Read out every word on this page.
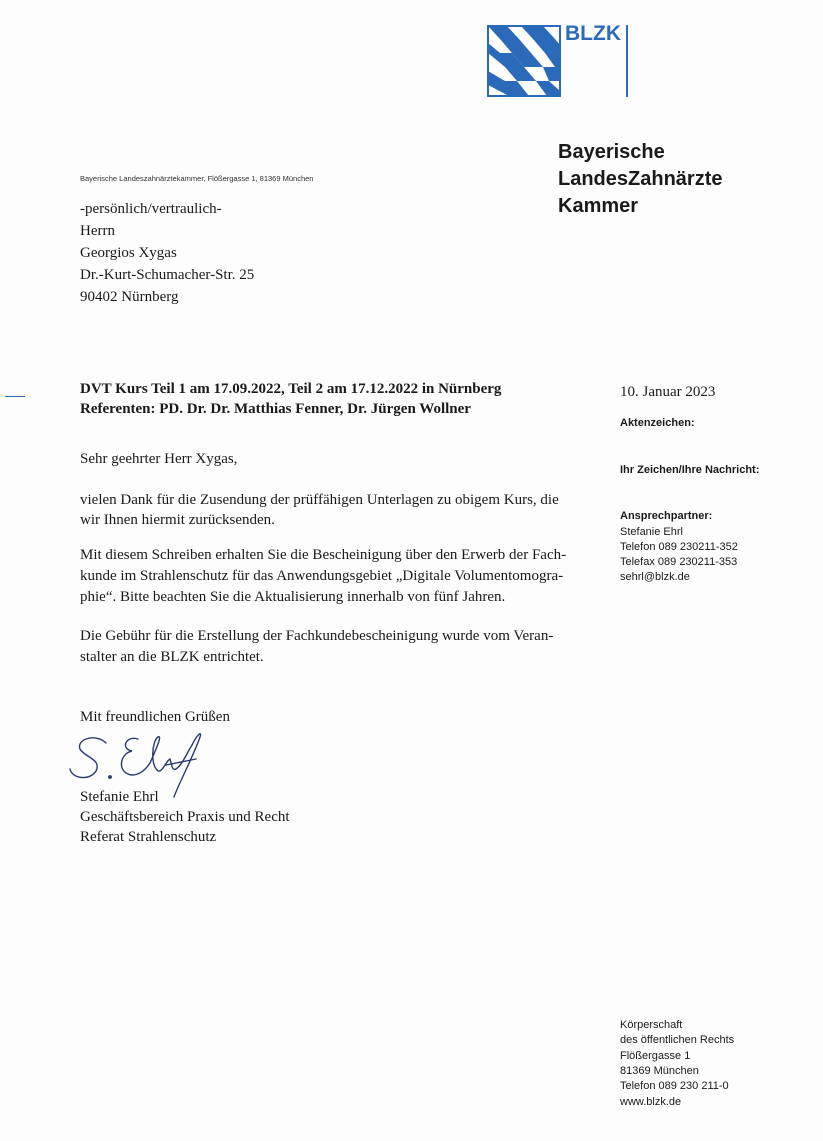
BLZK
Bayerische
LandesZahnärzte
Kammer
Bayerische Landeszahnärztekammer, Flößergasse 1, 81369 München
-persönlich/vertraulich-
Herrn
Georgios Xygas
Dr.-Kurt-Schumacher-Str. 25
90402 Nürnberg
DVT Kurs Teil 1 am 17.09.2022, Teil 2 am 17.12.2022 in Nürnberg
Referenten: PD. Dr. Dr. Matthias Fenner, Dr. Jürgen Wollner
Sehr geehrter Herr Xygas,
vielen Dank für die Zusendung der prüffähigen Unterlagen zu obigem Kurs, die
wir Ihnen hiermit zurücksenden.
Mit diesem Schreiben erhalten Sie die Bescheinigung über den Erwerb der Fach-
kunde im Strahlenschutz für das Anwendungsgebiet „Digitale Volumentomogra-
phie“. Bitte beachten Sie die Aktualisierung innerhalb von fünf Jahren.
Die Gebühr für die Erstellung der Fachkundebescheinigung wurde vom Veran-
stalter an die BLZK entrichtet.
Mit freundlichen Grüßen
Stefanie Ehrl
Geschäftsbereich Praxis und Recht
Referat Strahlenschutz
10. Januar 2023
Aktenzeichen:
Ihr Zeichen/Ihre Nachricht:
Ansprechpartner:
Stefanie Ehrl
Telefon 089 230211-352
Telefax 089 230211-353
sehrl@blzk.de
Körperschaft
des öffentlichen Rechts
Flößergasse 1
81369 München
Telefon 089 230 211-0
www.blzk.de
